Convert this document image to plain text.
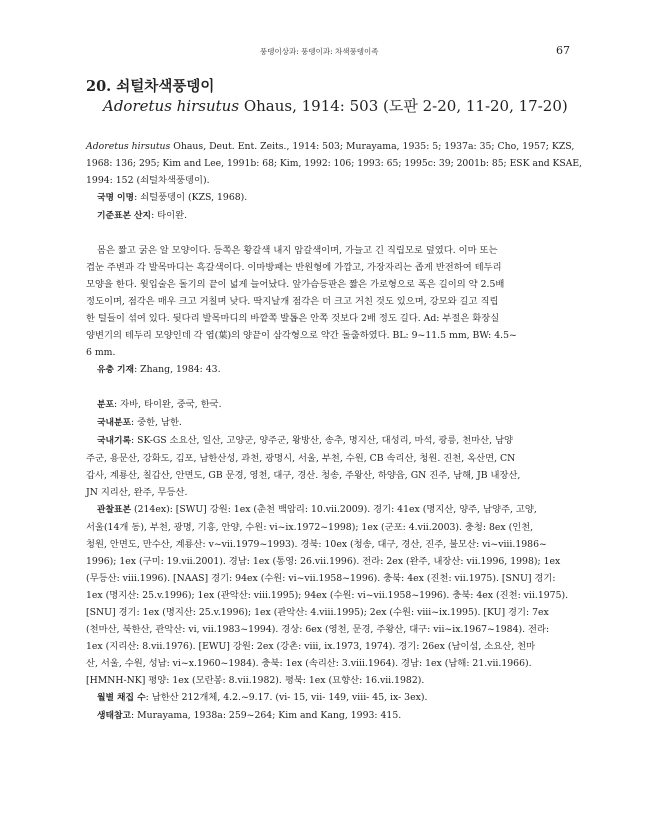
풍뎅이상과: 풍뎅이과: 차색풍뎅이족	67
20. 쇠털차색풍뎅이
Adoretus hirsutus Ohaus, 1914: 503 (도판 2-20, 11-20, 17-20)
Adoretus hirsutus Ohaus, Deut. Ent. Zeits., 1914: 503; Murayama, 1935: 5; 1937a: 35; Cho, 1957; KZS,
1968: 136; 295; Kim and Lee, 1991b: 68; Kim, 1992: 106; 1993: 65; 1995c: 39; 2001b: 85; ESK and KSAE,
1994: 152 (쇠털차색풍뎅이).
국명 이명: 쇠털풍뎅이 (KZS, 1968).
기준표본 산지: 타이완.
몸은 짧고 굵은 알 모양이다. 등쪽은 황갈색 내지 암갈색이며, 가늘고 긴 직립모로 덮였다. 이마 또는
겹눈 주변과 각 발목마디는 흑갈색이다. 이마방패는 반원형에 가깝고, 가장자리는 좁게 반전하여 테두리
모양을 한다. 윗입술은 돌기의 끝이 넓게 늘어났다. 앞가슴등판은 짧은 가로형으로 폭은 길이의 약 2.5배
정도이며, 점각은 매우 크고 거칠며 낮다. 딱지날개 점각은 더 크고 거친 것도 있으며, 강모와 길고 직립
한 털들이 섞여 있다. 뒷다리 발목마디의 바깥쪽 발톱은 안쪽 것보다 2배 정도 길다. Ad: 부절은 화장실
양변기의 테두리 모양인데 각 엽(葉)의 양끝이 삼각형으로 약간 돌출하였다. BL: 9~11.5 mm, BW: 4.5~
6 mm.
유충 기재: Zhang, 1984: 43.
분포: 자바, 타이완, 중국, 한국.
국내분포: 중한, 남한.
국내기록: SK-GS 소요산, 일산, 고양군, 양주군, 왕방산, 송추, 명지산, 대성리, 마석, 광릉, 천마산, 남양
주군, 용문산, 강화도, 김포, 남한산성, 과천, 광명시, 서울, 부천, 수원, CB 속리산, 청원. 진천, 옥산면, CN
갑사, 계룡산, 칠갑산, 안면도, GB 문경, 영천, 대구, 경산. 청송, 주왕산, 하양읍, GN 진주, 남해, JB 내장산,
JN 지리산, 완주, 무등산.
관찰표본 (214ex): [SWU] 강원: 1ex (춘천 백암리: 10.vii.2009). 경기: 41ex (명지산, 양주, 남양주, 고양,
서울(14개 동), 부천, 광명, 기흥, 안양, 수원: vi~ix.1972~1998); 1ex (군포: 4.vii.2003). 충청: 8ex (인천,
청원, 안면도, 만수산, 계룡산: v~vii.1979~1993). 경북: 10ex (청송, 대구, 경산, 진주, 불모산: vi~viii.1986~
1996); 1ex (구미: 19.vii.2001). 경남: 1ex (통영: 26.vii.1996). 전라: 2ex (완주, 내장산: vii.1996, 1998); 1ex
(무등산: viii.1996). [NAAS] 경기: 94ex (수원: vi~vii.1958~1996). 충북: 4ex (진천: vii.1975). [SNU] 경기:
1ex (명지산: 25.v.1996); 1ex (관악산: viii.1995); 94ex (수원: vi~vii.1958~1996). 충북: 4ex (진천: vii.1975).
[SNU] 경기: 1ex (명지산: 25.v.1996); 1ex (관악산: 4.viii.1995); 2ex (수원: viii~ix.1995). [KU] 경기: 7ex
(천마산, 북한산, 관악산: vi, vii.1983~1994). 경상: 6ex (영천, 문경, 주왕산, 대구: vii~ix.1967~1984). 전라:
1ex (지리산: 8.vii.1976). [EWU] 강원: 2ex (강촌: viii, ix.1973, 1974). 경기: 26ex (남이섬, 소요산, 천마
산, 서울, 수원, 성남: vi~x.1960~1984). 충북: 1ex (속리산: 3.viii.1964). 경남: 1ex (남해: 21.vii.1966).
[HMNH-NK] 평양: 1ex (모란봉: 8.vii.1982). 평북: 1ex (묘향산: 16.vii.1982).
월별 채집 수: 남한산 212개체, 4.2.~9.17. (vi- 15, vii- 149, viii- 45, ix- 3ex).
생태참고: Murayama, 1938a: 259~264; Kim and Kang, 1993: 415.
